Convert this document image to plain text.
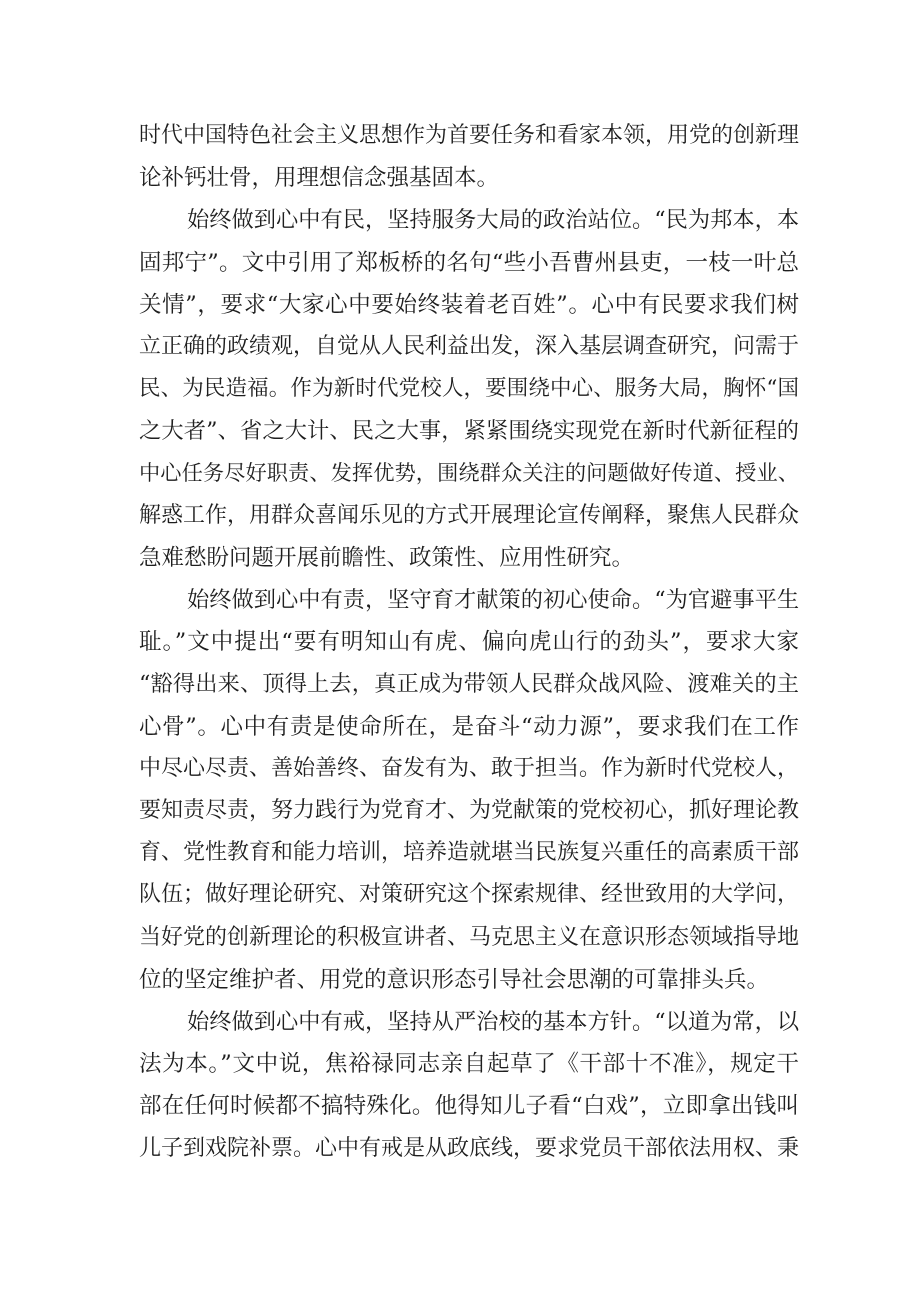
时代中国特色社会主义思想作为首要任务和看家本领，用党的创新理
论补钙壮骨，用理想信念强基固本。
始终做到心中有民，坚持服务大局的政治站位。“民为邦本，本
固邦宁”。文中引用了郑板桥的名句“些小吾曹州县吏，一枝一叶总
关情”，要求“大家心中要始终装着老百姓”。心中有民要求我们树
立正确的政绩观，自觉从人民利益出发，深入基层调查研究，问需于
民、为民造福。作为新时代党校人，要围绕中心、服务大局，胸怀“国
之大者”、省之大计、民之大事，紧紧围绕实现党在新时代新征程的
中心任务尽好职责、发挥优势，围绕群众关注的问题做好传道、授业、
解惑工作，用群众喜闻乐见的方式开展理论宣传阐释，聚焦人民群众
急难愁盼问题开展前瞻性、政策性、应用性研究。
始终做到心中有责，坚守育才献策的初心使命。“为官避事平生
耻。”文中提出“要有明知山有虎、偏向虎山行的劲头”，要求大家
“豁得出来、顶得上去，真正成为带领人民群众战风险、渡难关的主
心骨”。心中有责是使命所在，是奋斗“动力源”，要求我们在工作
中尽心尽责、善始善终、奋发有为、敢于担当。作为新时代党校人，
要知责尽责，努力践行为党育才、为党献策的党校初心，抓好理论教
育、党性教育和能力培训，培养造就堪当民族复兴重任的高素质干部
队伍；做好理论研究、对策研究这个探索规律、经世致用的大学问，
当好党的创新理论的积极宣讲者、马克思主义在意识形态领域指导地
位的坚定维护者、用党的意识形态引导社会思潮的可靠排头兵。
始终做到心中有戒，坚持从严治校的基本方针。“以道为常，以
法为本。”文中说，焦裕禄同志亲自起草了《干部十不准》，规定干
部在任何时候都不搞特殊化。他得知儿子看“白戏”，立即拿出钱叫
儿子到戏院补票。心中有戒是从政底线，要求党员干部依法用权、秉
